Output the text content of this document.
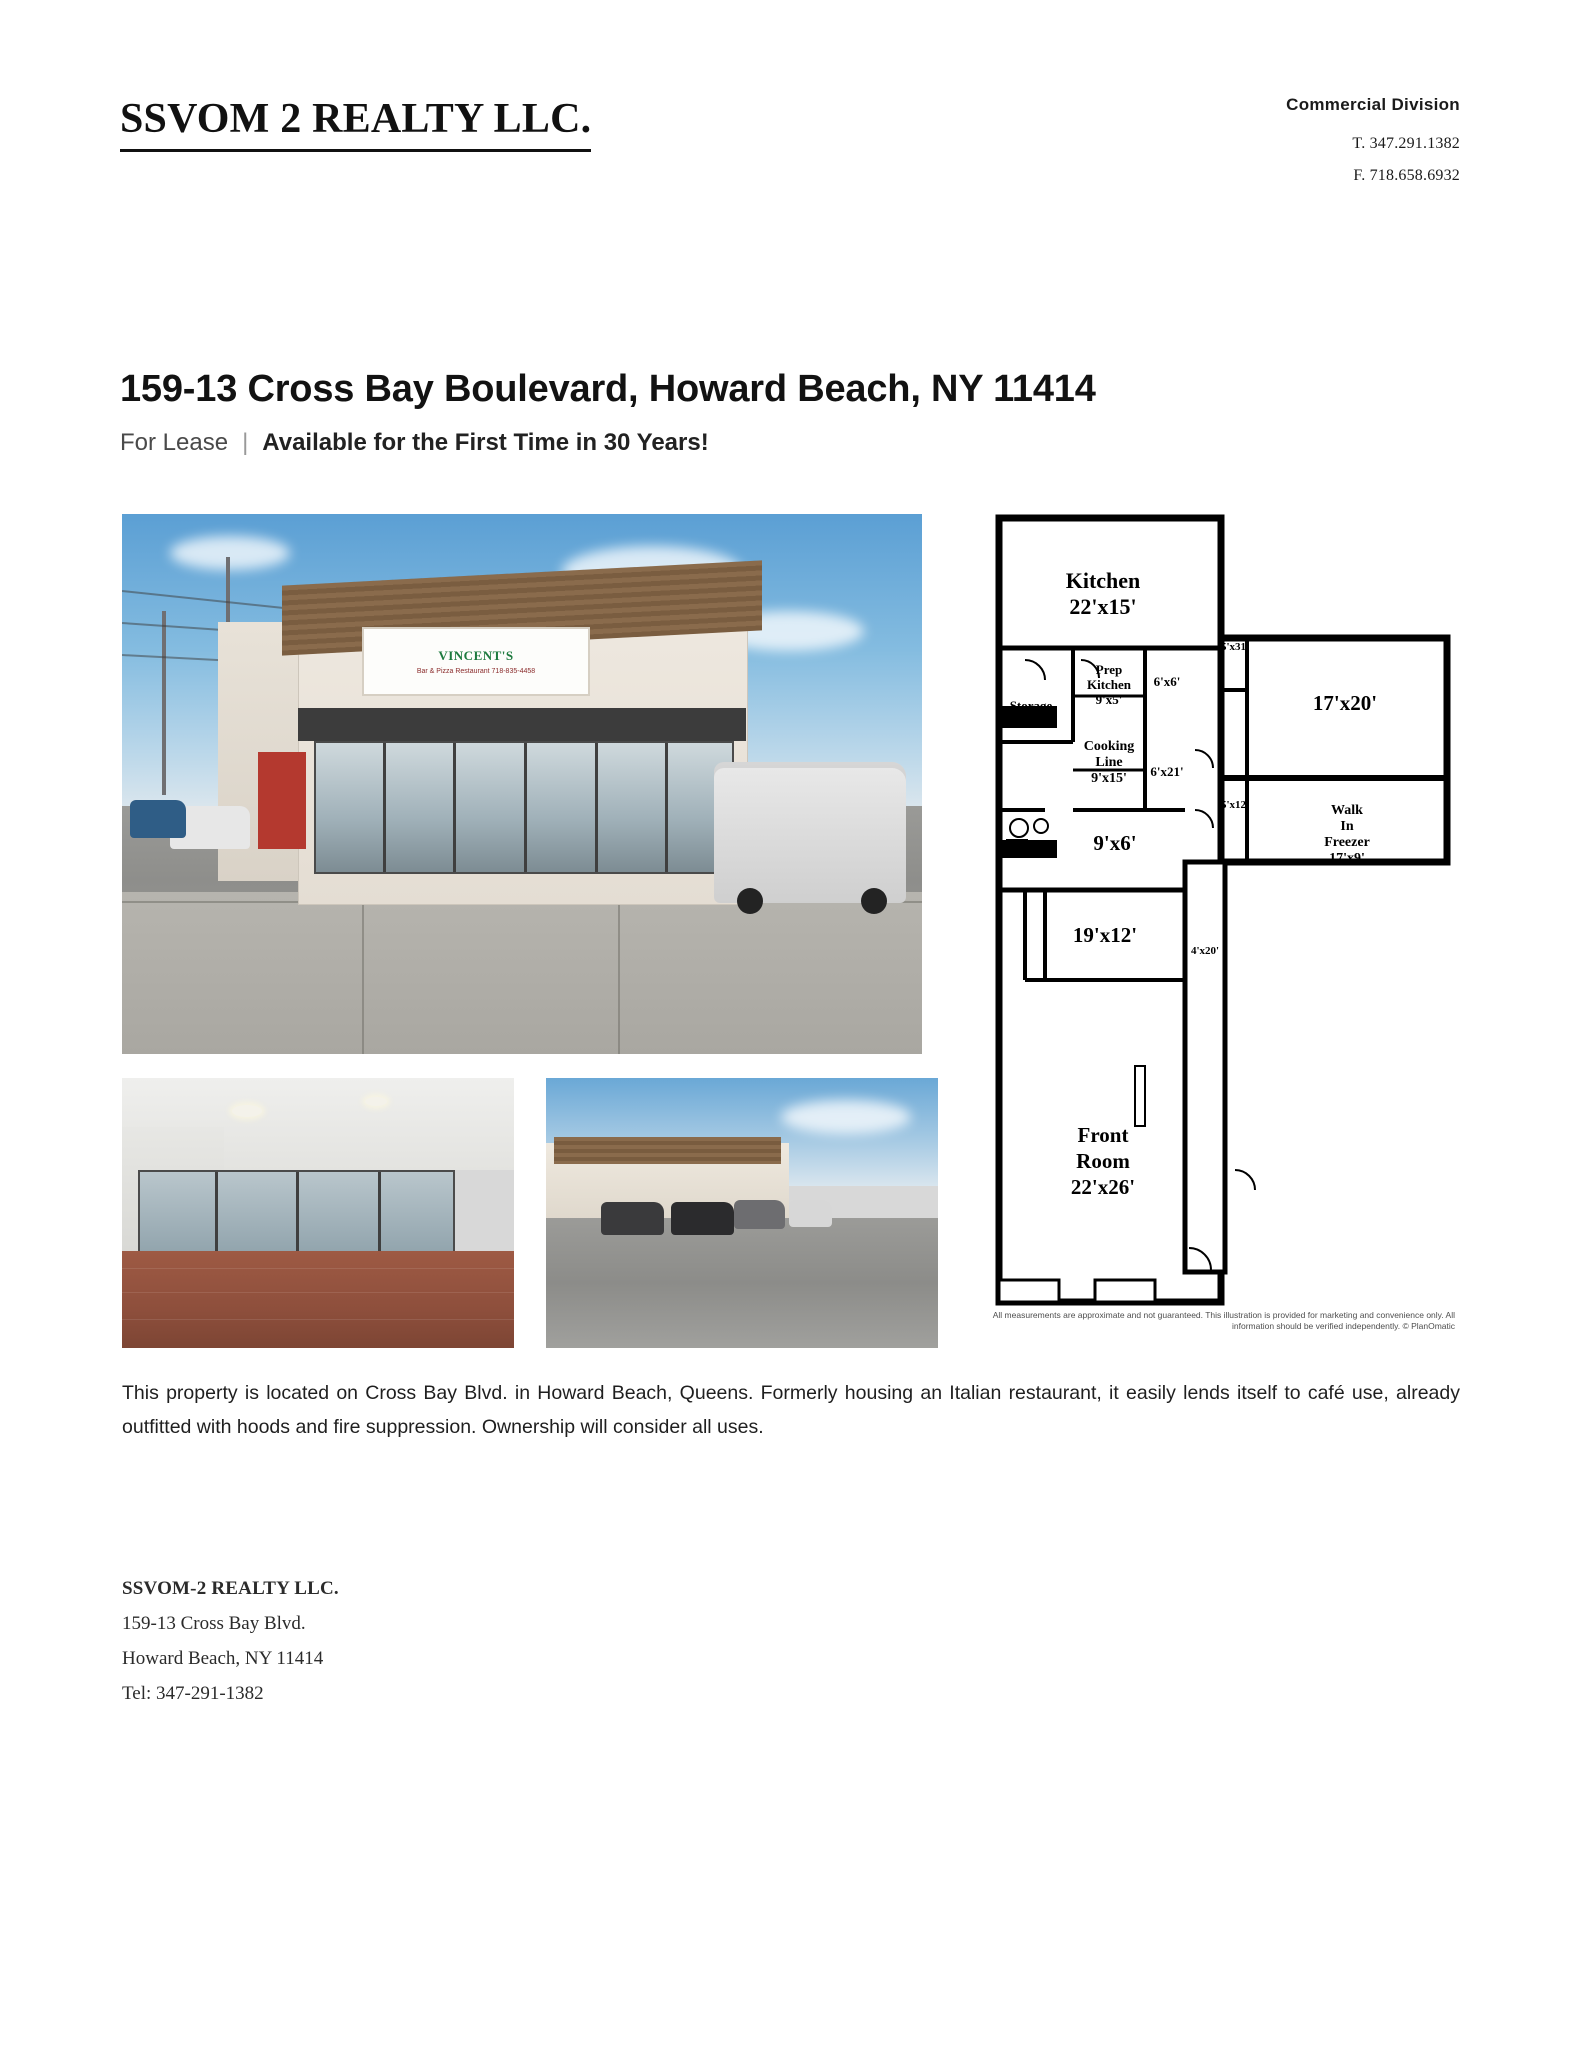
SSVOM 2 REALTY LLC.	Commercial Division
T. 347.291.1382
F. 718.658.6932
159-13 Cross Bay Boulevard, Howard Beach, NY 11414
For Lease | Available for the First Time in 30 Years!
VINCENT'S
Bar & Pizza Restaurant 718-835-4458
Kitchen
22'x15'
Storage
6'x10'
Prep
Kitchen
9'x5'
6'x6'
5'x31'
17'x20'
Cooking
Line
9'x15' 6'x21'
5'x12'	Walk
In
Freezer
17'x9'
9'x6'
19'x12'
4'x20'
Front
Room
22'x26'
All measurements are approximate and not guaranteed. This illustration is provided for marketing and convenience only. All information should be verified independently. © PlanOmatic
This property is located on Cross Bay Blvd. in Howard Beach, Queens. Formerly housing an Italian restaurant, it easily lends itself to café use, already outfitted with hoods and fire suppression. Ownership will consider all uses.
SSVOM-2 REALTY LLC.
159-13 Cross Bay Blvd.
Howard Beach, NY 11414
Tel: 347-291-1382
